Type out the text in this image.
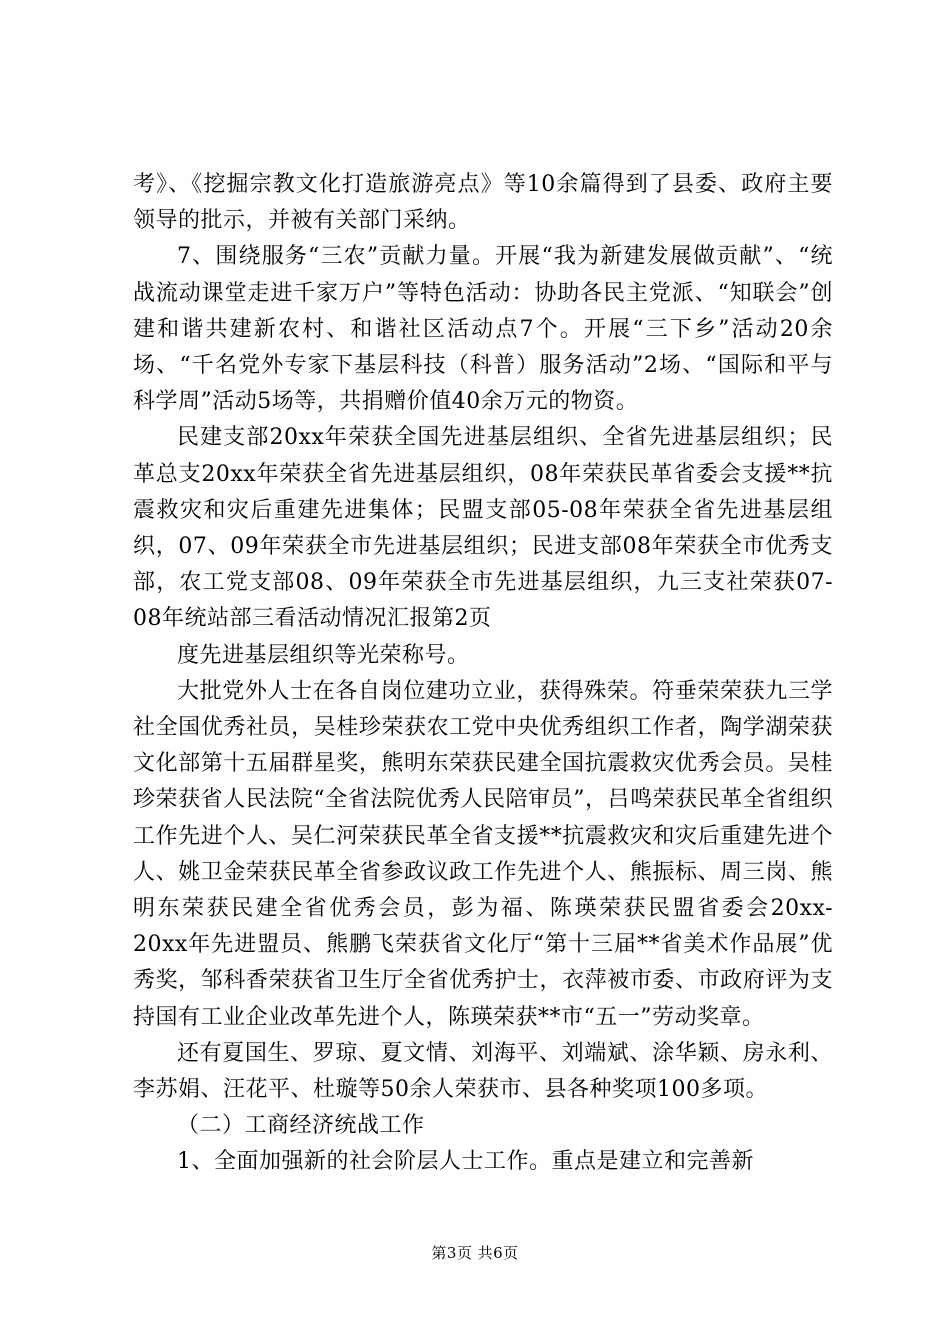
考》、《挖掘宗教文化打造旅游亮点》等10余篇得到了县委、政府主要领导的批示，并被有关部门采纳。

7、围绕服务“三农”贡献力量。开展“我为新建发展做贡献”、“统战流动课堂走进千家万户”等特色活动：协助各民主党派、“知联会”创建和谐共建新农村、和谐社区活动点7个。开展“三下乡”活动20余场、“千名党外专家下基层科技（科普）服务活动”2场、“国际和平与科学周”活动5场等，共捐赠价值40余万元的物资。

民建支部20xx年荣获全国先进基层组织、全省先进基层组织；民革总支20xx年荣获全省先进基层组织，08年荣获民革省委会支援**抗震救灾和灾后重建先进集体；民盟支部05-08年荣获全省先进基层组织，07、09年荣获全市先进基层组织；民进支部08年荣获全市优秀支部，农工党支部08、09年荣获全市先进基层组织，九三支社荣获07-08年统站部三看活动情况汇报第2页

度先进基层组织等光荣称号。

大批党外人士在各自岗位建功立业，获得殊荣。符垂荣荣获九三学社全国优秀社员，吴桂珍荣获农工党中央优秀组织工作者，陶学湖荣获文化部第十五届群星奖，熊明东荣获民建全国抗震救灾优秀会员。吴桂珍荣获省人民法院“全省法院优秀人民陪审员”，吕鸣荣获民革全省组织工作先进个人、吴仁河荣获民革全省支援**抗震救灾和灾后重建先进个人、姚卫金荣获民革全省参政议政工作先进个人、熊振标、周三岗、熊明东荣获民建全省优秀会员，彭为福、陈瑛荣获民盟省委会20xx-20xx年先进盟员、熊鹏飞荣获省文化厅“第十三届**省美术作品展”优秀奖，邹科香荣获省卫生厅全省优秀护士，衣萍被市委、市政府评为支持国有工业企业改革先进个人，陈瑛荣获**市“五一”劳动奖章。

还有夏国生、罗琼、夏文情、刘海平、刘端斌、涂华颖、房永利、李苏娟、汪花平、杜璇等50余人荣获市、县各种奖项100多项。

（二）工商经济统战工作

1、全面加强新的社会阶层人士工作。重点是建立和完善新

第3页 共6页
